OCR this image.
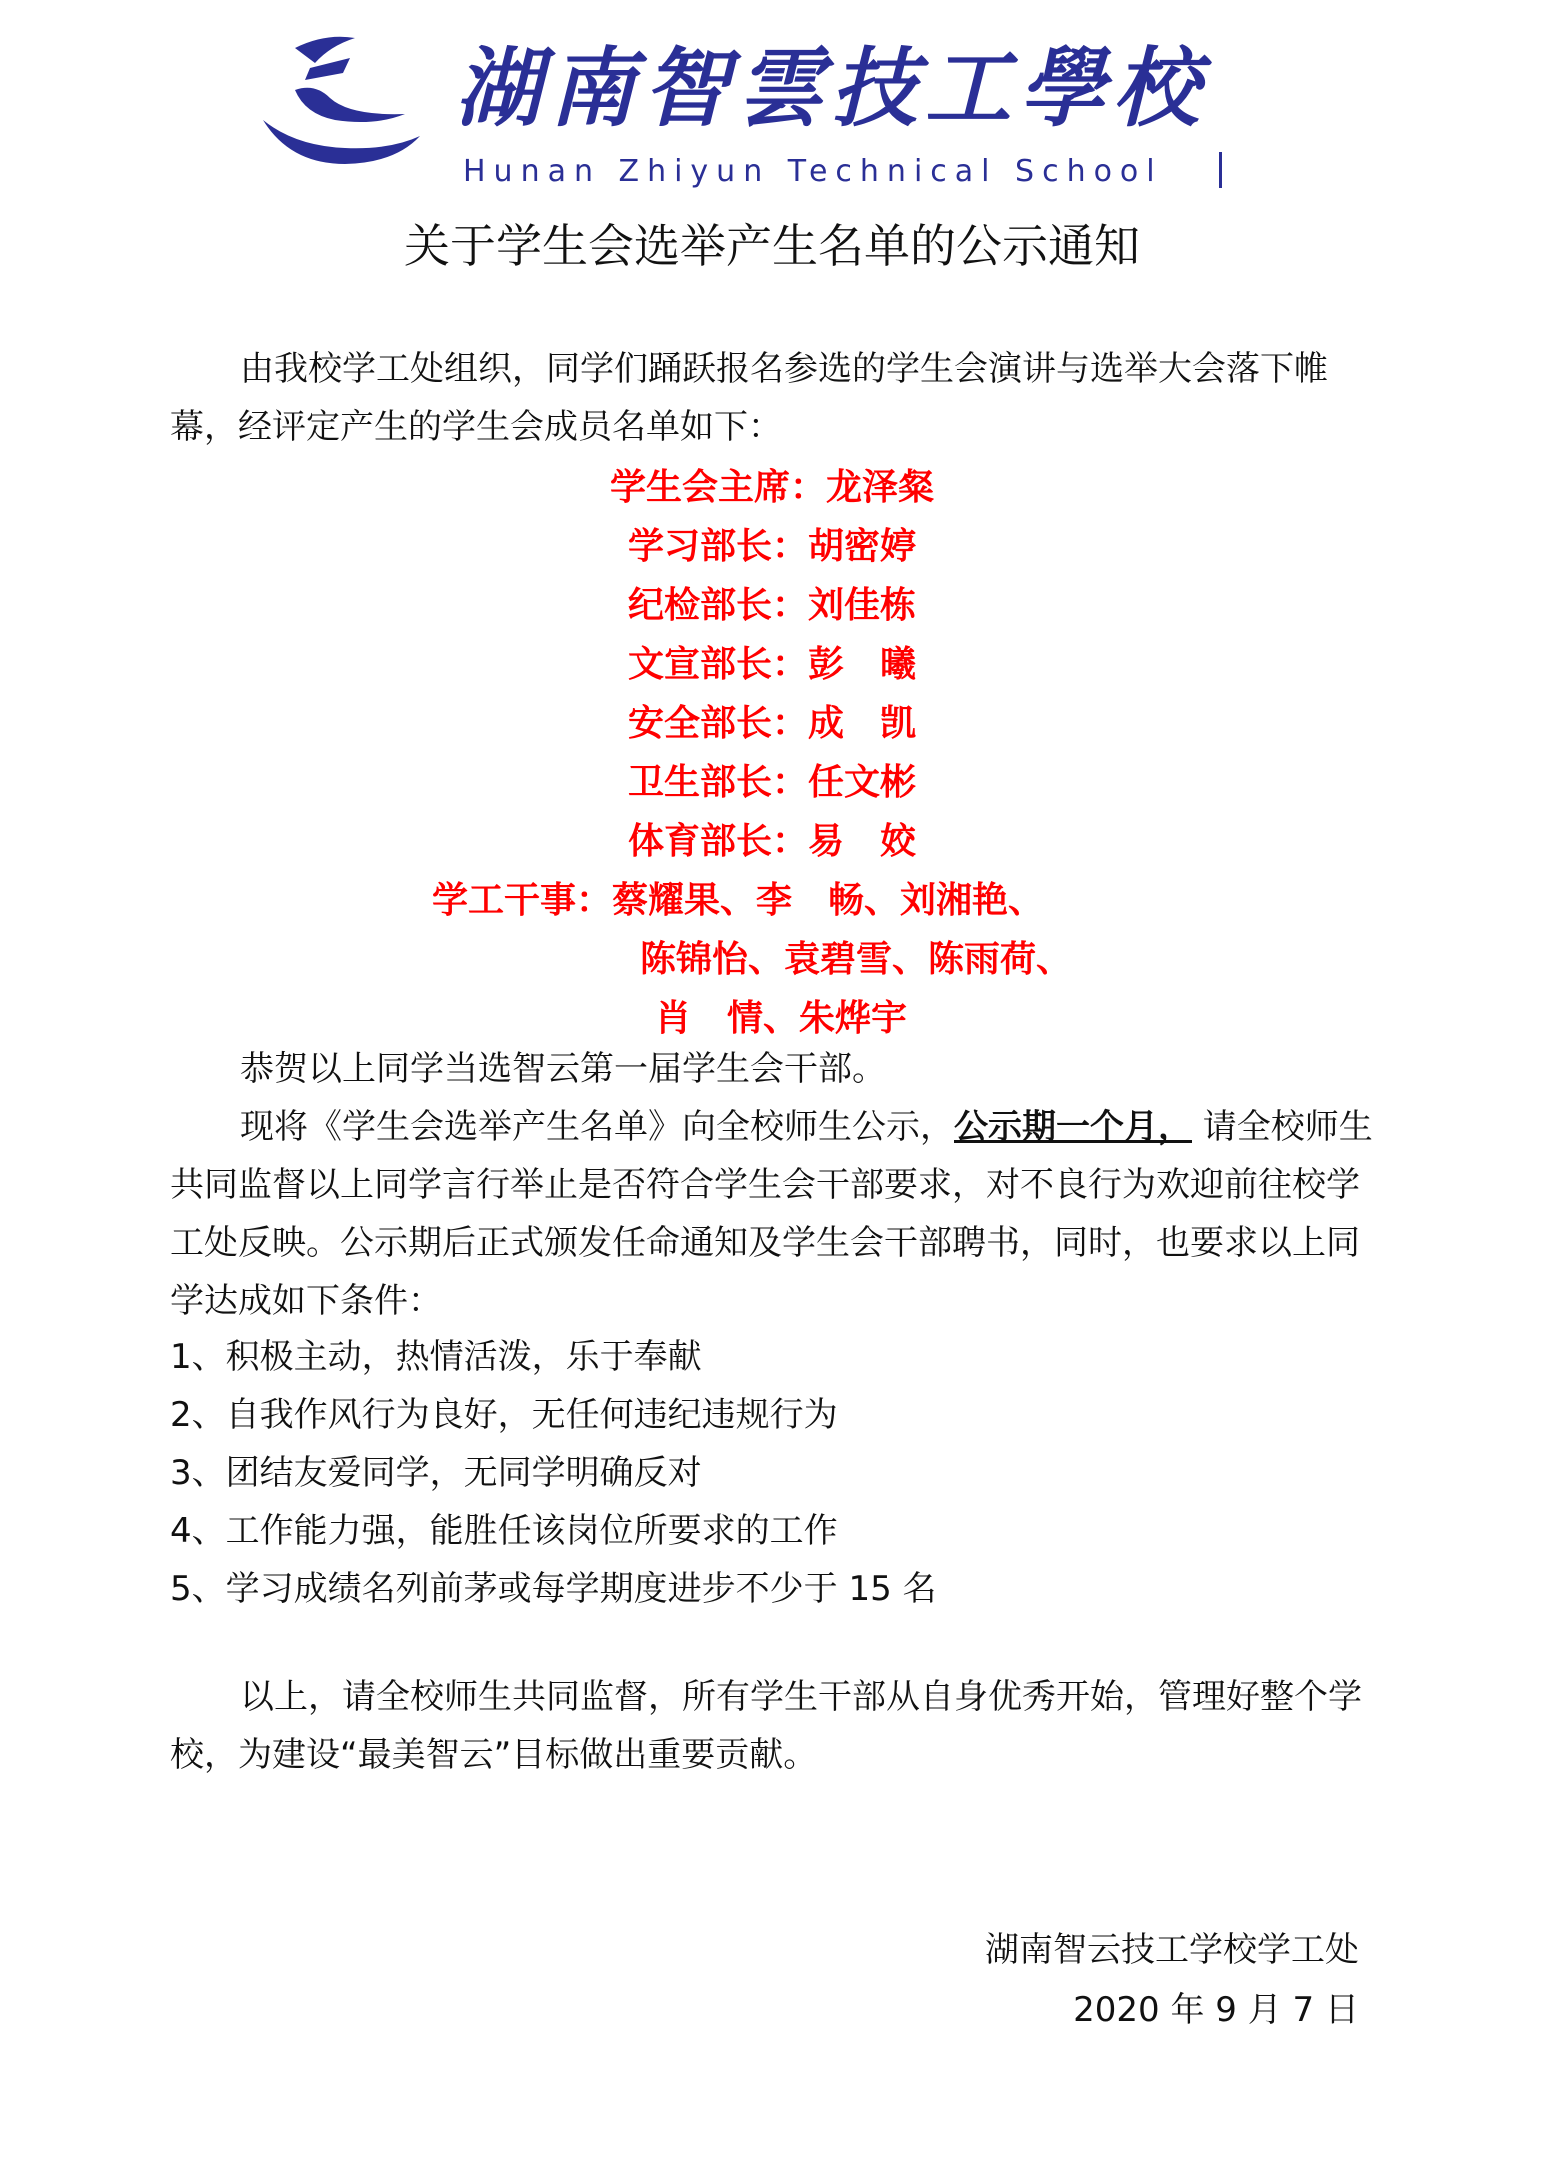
湖南智雲技工學校
Hunan Zhiyun Technical School
关于学生会选举产生名单的公示通知
由我校学工处组织，同学们踊跃报名参选的学生会演讲与选举大会落下帷幕，经评定产生的学生会成员名单如下：
学生会主席：龙泽粲
学习部长：胡密婷
纪检部长：刘佳栋
文宣部长：彭　曦
安全部长：成　凯
卫生部长：任文彬
体育部长：易　姣
学工干事： 蔡耀果、李　畅、刘湘艳、
陈锦怡、袁碧雪、陈雨荷、
肖　情、朱烨宇
恭贺以上同学当选智云第一届学生会干部。
现将《学生会选举产生名单》向全校师生公示，公示期一个月， 请全校师生共同监督以上同学言行举止是否符合学生会干部要求，对不良行为欢迎前往校学工处反映。公示期后正式颁发任命通知及学生会干部聘书，同时，也要求以上同学达成如下条件：
1、积极主动，热情活泼，乐于奉献
2、自我作风行为良好，无任何违纪违规行为
3、团结友爱同学，无同学明确反对
4、工作能力强，能胜任该岗位所要求的工作
5、学习成绩名列前茅或每学期度进步不少于 15 名
以上，请全校师生共同监督，所有学生干部从自身优秀开始，管理好整个学校，为建设“最美智云”目标做出重要贡献。
湖南智云技工学校学工处
2020 年 9 月 7 日
